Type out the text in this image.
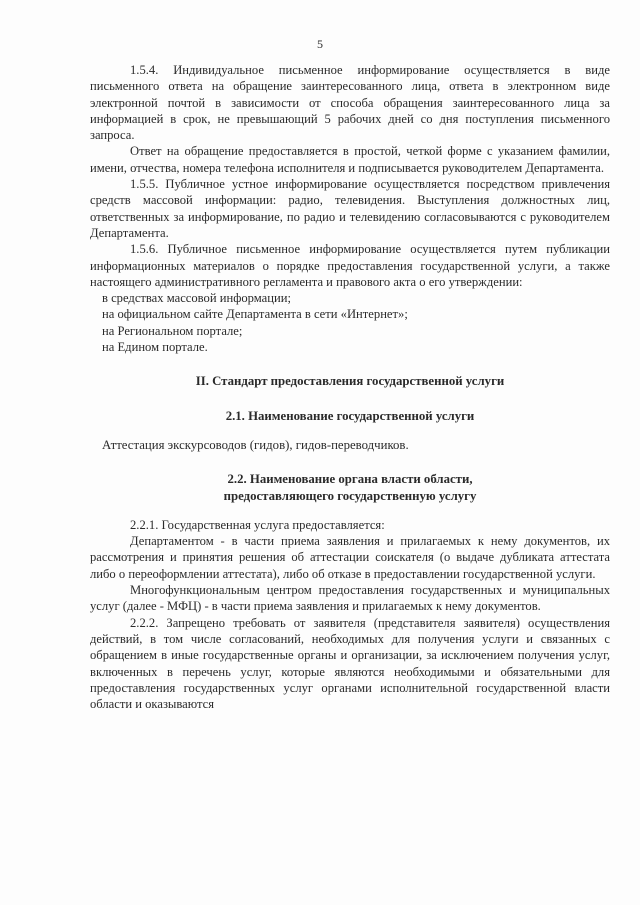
5

1.5.4. Индивидуальное письменное информирование осуществляется в виде письменного ответа на обращение заинтересованного лица, ответа в электронном виде электронной почтой в зависимости от способа обращения заинтересованного лица за информацией в срок, не превышающий 5 рабочих дней со дня поступления письменного запроса.

Ответ на обращение предоставляется в простой, четкой форме с указанием фамилии, имени, отчества, номера телефона исполнителя и подписывается руководителем Департамента.

1.5.5. Публичное устное информирование осуществляется посредством привлечения средств массовой информации: радио, телевидения. Выступления должностных лиц, ответственных за информирование, по радио и телевидению согласовываются с руководителем Департамента.

1.5.6. Публичное письменное информирование осуществляется путем публикации информационных материалов о порядке предоставления государственной услуги, а также настоящего административного регламента и правового акта о его утверждении:

в средствах массовой информации;

на официальном сайте Департамента в сети «Интернет»;

на Региональном портале;

на Едином портале.

II. Стандарт предоставления государственной услуги

2.1. Наименование государственной услуги

Аттестация экскурсоводов (гидов), гидов-переводчиков.

2.2. Наименование органа власти области,

предоставляющего государственную услугу

2.2.1. Государственная услуга предоставляется:

Департаментом - в части приема заявления и прилагаемых к нему документов, их рассмотрения и принятия решения об аттестации соискателя (о выдаче дубликата аттестата либо о переоформлении аттестата), либо об отказе в предоставлении государственной услуги.

Многофункциональным центром предоставления государственных и муниципальных услуг (далее - МФЦ) - в части приема заявления и прилагаемых к нему документов.

2.2.2. Запрещено требовать от заявителя (представителя заявителя) осуществления действий, в том числе согласований, необходимых для получения услуги и связанных с обращением в иные государственные органы и организации, за исключением получения услуг, включенных в перечень услуг, которые являются необходимыми и обязательными для предоставления государственных услуг органами исполнительной государственной власти области и оказываются
